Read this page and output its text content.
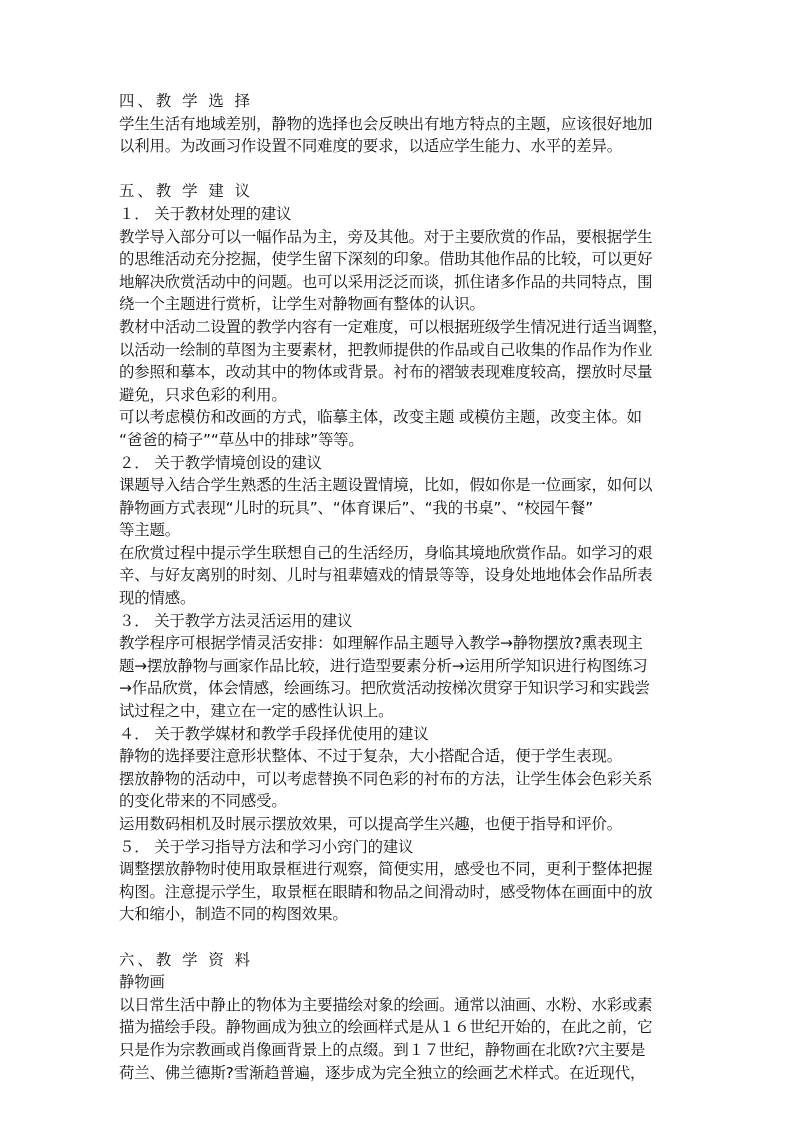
四、教 学 选 择
学生生活有地域差别，静物的选择也会反映出有地方特点的主题，应该很好地加
以利用。为改画习作设置不同难度的要求，以适应学生能力、水平的差异。
五、教 学 建 议
１． 关于教材处理的建议
教学导入部分可以一幅作品为主，旁及其他。对于主要欣赏的作品，要根据学生
的思维活动充分挖掘，使学生留下深刻的印象。借助其他作品的比较，可以更好
地解决欣赏活动中的问题。也可以采用泛泛而谈，抓住诸多作品的共同特点，围
绕一个主题进行赏析，让学生对静物画有整体的认识。
教材中活动二设置的教学内容有一定难度，可以根据班级学生情况进行适当调整，
以活动一绘制的草图为主要素材，把教师提供的作品或自己收集的作品作为作业
的参照和摹本，改动其中的物体或背景。衬布的褶皱表现难度较高，摆放时尽量
避免，只求色彩的利用。
可以考虑模仿和改画的方式，临摹主体，改变主题 或模仿主题，改变主体。如
“爸爸的椅子”“草丛中的排球”等等。
２． 关于教学情境创设的建议
课题导入结合学生熟悉的生活主题设置情境，比如，假如你是一位画家，如何以
静物画方式表现“儿时的玩具”、“体育课后”、“我的书桌”、“校园午餐”
等主题。
在欣赏过程中提示学生联想自己的生活经历，身临其境地欣赏作品。如学习的艰
辛、与好友离别的时刻、儿时与祖辈嬉戏的情景等等，设身处地地体会作品所表
现的情感。
３． 关于教学方法灵活运用的建议
教学程序可根据学情灵活安排：如理解作品主题导入教学→静物摆放?熏表现主
题→摆放静物与画家作品比较，进行造型要素分析→运用所学知识进行构图练习
→作品欣赏，体会情感，绘画练习。把欣赏活动按梯次贯穿于知识学习和实践尝
试过程之中，建立在一定的感性认识上。
４． 关于教学媒材和教学手段择优使用的建议
静物的选择要注意形状整体、不过于复杂，大小搭配合适，便于学生表现。
摆放静物的活动中，可以考虑替换不同色彩的衬布的方法，让学生体会色彩关系
的变化带来的不同感受。
运用数码相机及时展示摆放效果，可以提高学生兴趣，也便于指导和评价。
５． 关于学习指导方法和学习小窍门的建议
调整摆放静物时使用取景框进行观察，简便实用，感受也不同，更利于整体把握
构图。注意提示学生，取景框在眼睛和物品之间滑动时，感受物体在画面中的放
大和缩小，制造不同的构图效果。
六、教 学 资 料
静物画
以日常生活中静止的物体为主要描绘对象的绘画。通常以油画、水粉、水彩或素
描为描绘手段。静物画成为独立的绘画样式是从１６世纪开始的，在此之前，它
只是作为宗教画或肖像画背景上的点缀。到１７世纪，静物画在北欧?穴主要是
荷兰、佛兰德斯?雪渐趋普遍，逐步成为完全独立的绘画艺术样式。在近现代，
